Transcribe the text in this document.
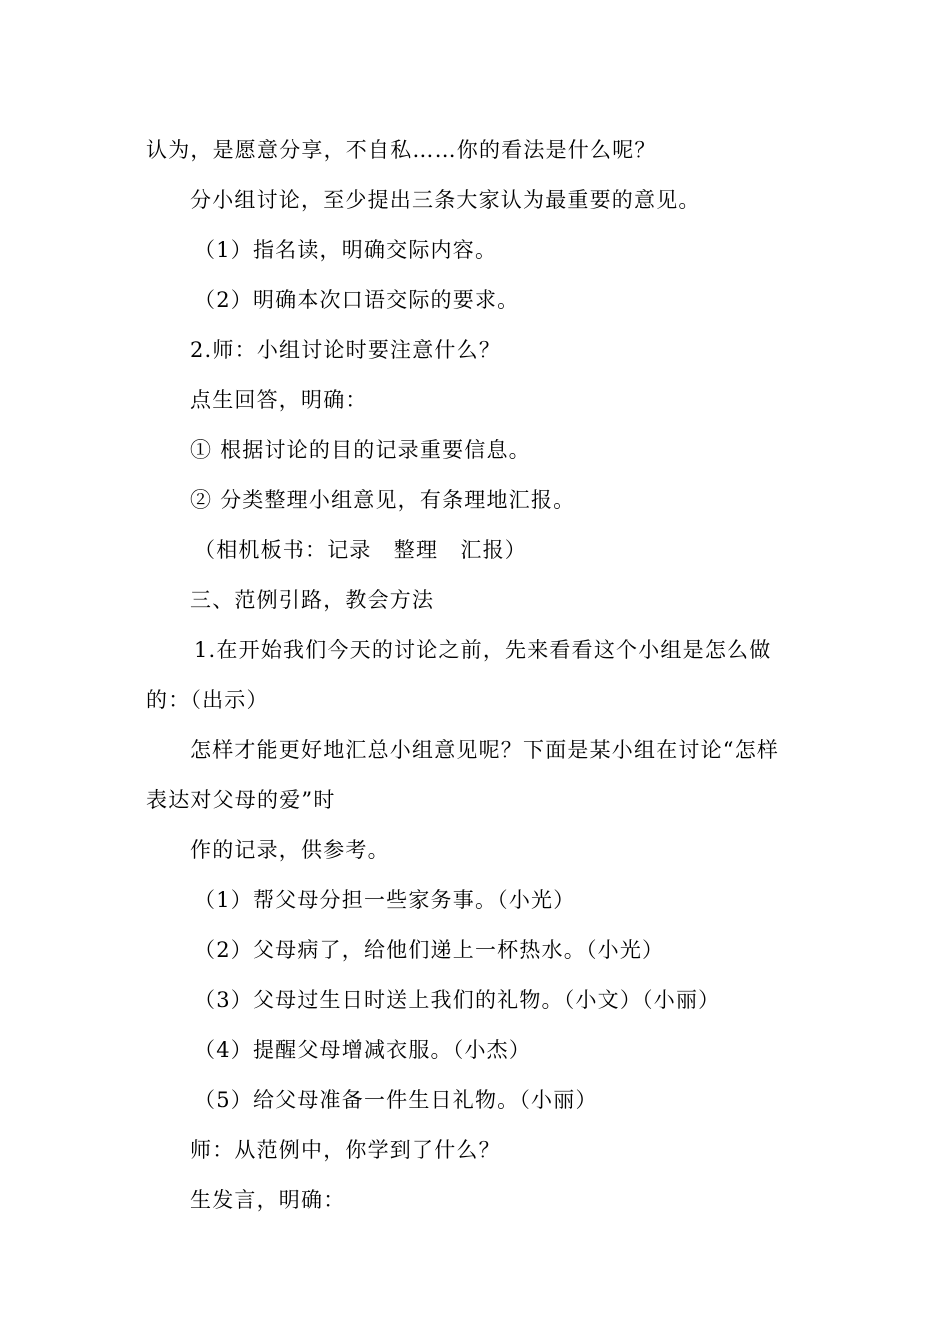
认为，是愿意分享，不自私……你的看法是什么呢？
分小组讨论，至少提出三条大家认为最重要的意见。
（1）指名读，明确交际内容。
（2）明确本次口语交际的要求。
2.师：小组讨论时要注意什么？
点生回答，明确：
① 根据讨论的目的记录重要信息。
② 分类整理小组意见，有条理地汇报。
（相机板书：记录　整理　汇报）
三、范例引路，教会方法
1.在开始我们今天的讨论之前，先来看看这个小组是怎么做
的：（出示）
怎样才能更好地汇总小组意见呢？下面是某小组在讨论“怎样
表达对父母的爱”时
作的记录，供参考。
（1）帮父母分担一些家务事。（小光）
（2）父母病了，给他们递上一杯热水。（小光）
（3）父母过生日时送上我们的礼物。（小文）（小丽）
（4）提醒父母增减衣服。（小杰）
（5）给父母准备一件生日礼物。（小丽）
师：从范例中，你学到了什么？
生发言，明确：
